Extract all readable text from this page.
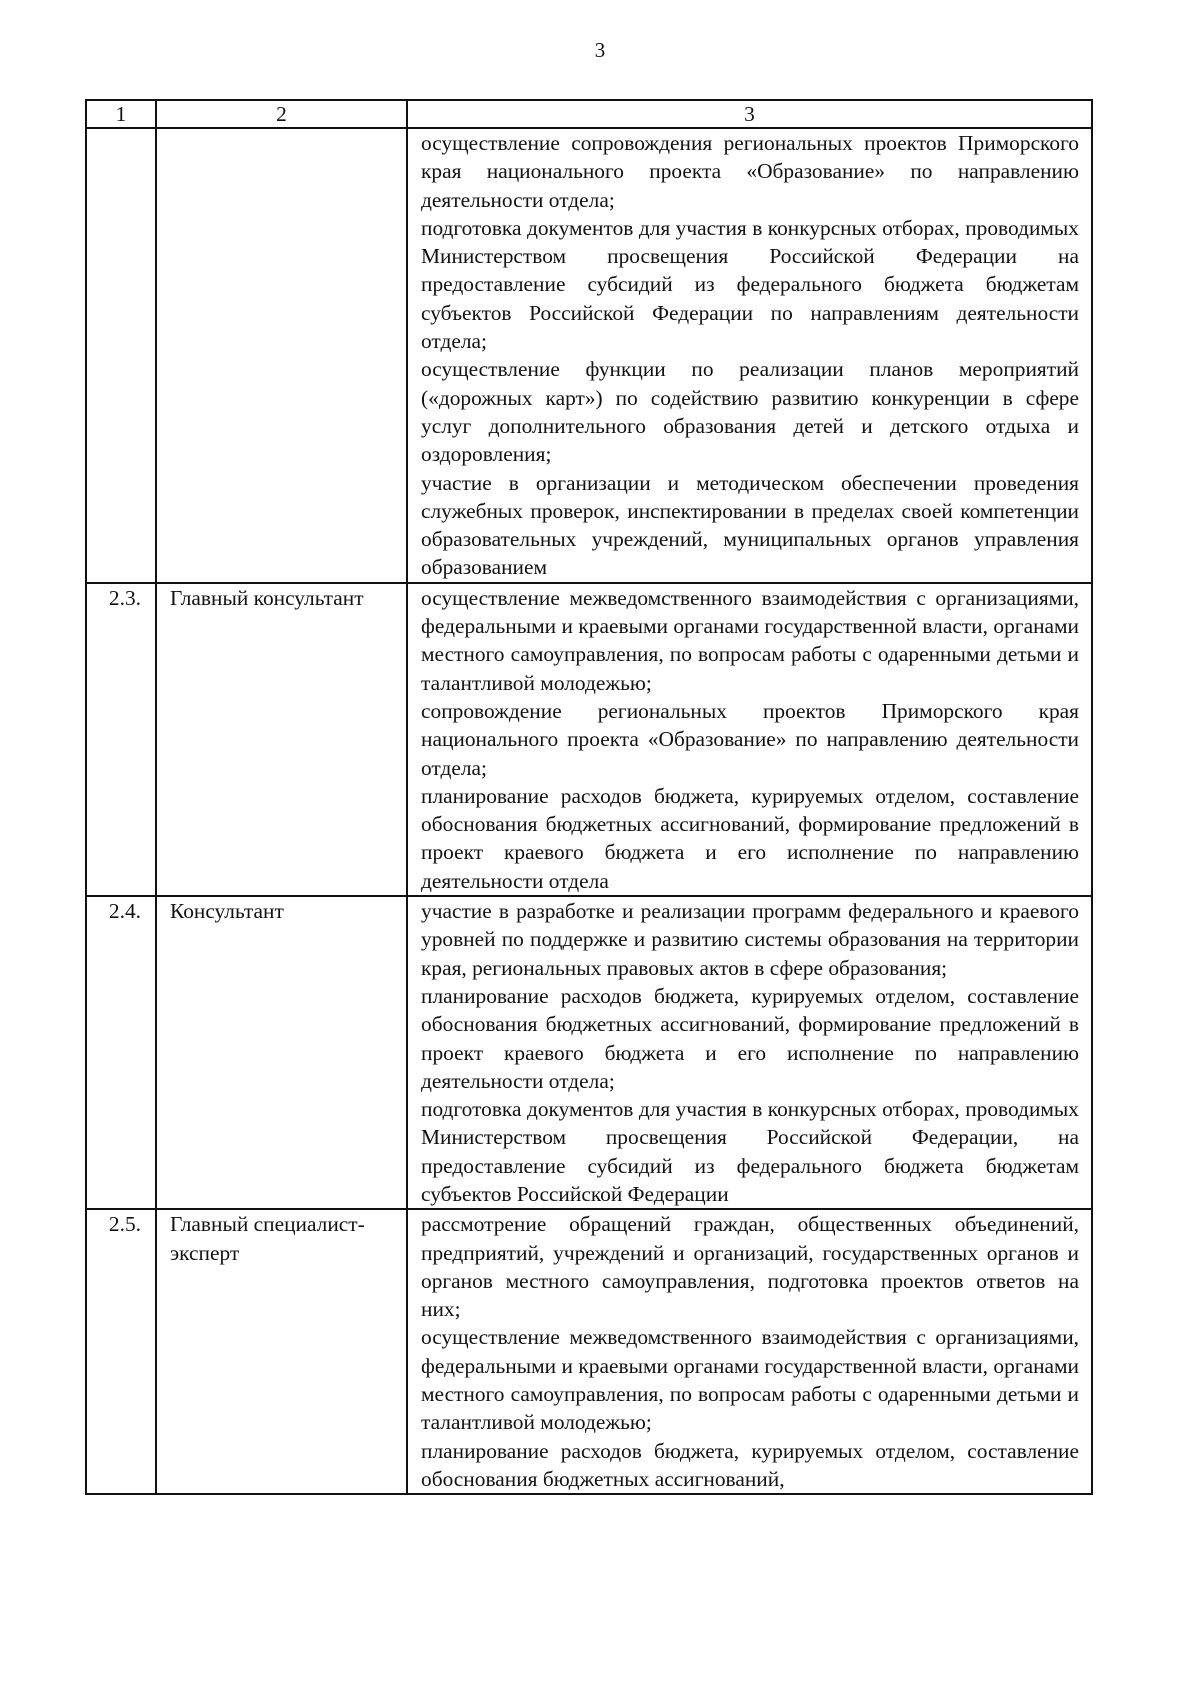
3
1	2	3

		осуществление сопровождения региональных проектов Приморского края национального проекта «Образование» по направлению деятельности отдела;
подготовка документов для участия в конкурсных отборах, проводимых Министерством просвещения Российской Федерации на предоставление субсидий из федерального бюджета бюджетам субъектов Российской Федерации по направлениям деятельности отдела;
осуществление функции по реализации планов мероприятий («дорожных карт») по содействию развитию конкуренции в сфере услуг дополнительного образования детей и детского отдыха и оздоровления;
участие в организации и методическом обеспечении проведения служебных проверок, инспектировании в пределах своей компетенции образовательных учреждений, муниципальных органов управления образованием

2.3.	Главный консультант	осуществление межведомственного взаимодействия с организациями, федеральными и краевыми органами государственной власти, органами местного самоуправления, по вопросам работы с одаренными детьми и талантливой молодежью;
сопровождение региональных проектов Приморского края национального проекта «Образование» по направлению деятельности отдела;
планирование расходов бюджета, курируемых отделом, составление обоснования бюджетных ассигнований, формирование предложений в проект краевого бюджета и его исполнение по направлению деятельности отдела

2.4.	Консультант	участие в разработке и реализации программ федерального и краевого уровней по поддержке и развитию системы образования на территории края, региональных правовых актов в сфере образования;
планирование расходов бюджета, курируемых отделом, составление обоснования бюджетных ассигнований, формирование предложений в проект краевого бюджета и его исполнение по направлению деятельности отдела;
подготовка документов для участия в конкурсных отборах, проводимых Министерством просвещения Российской Федерации, на предоставление субсидий из федерального бюджета бюджетам субъектов Российской Федерации

2.5.	Главный специалист-эксперт	рассмотрение обращений граждан, общественных объединений, предприятий, учреждений и организаций, государственных органов и органов местного самоуправления, подготовка проектов ответов на них;
осуществление межведомственного взаимодействия с организациями, федеральными и краевыми органами государственной власти, органами местного самоуправления, по вопросам работы с одаренными детьми и талантливой молодежью;
планирование расходов бюджета, курируемых отделом, составление обоснования бюджетных ассигнований,
